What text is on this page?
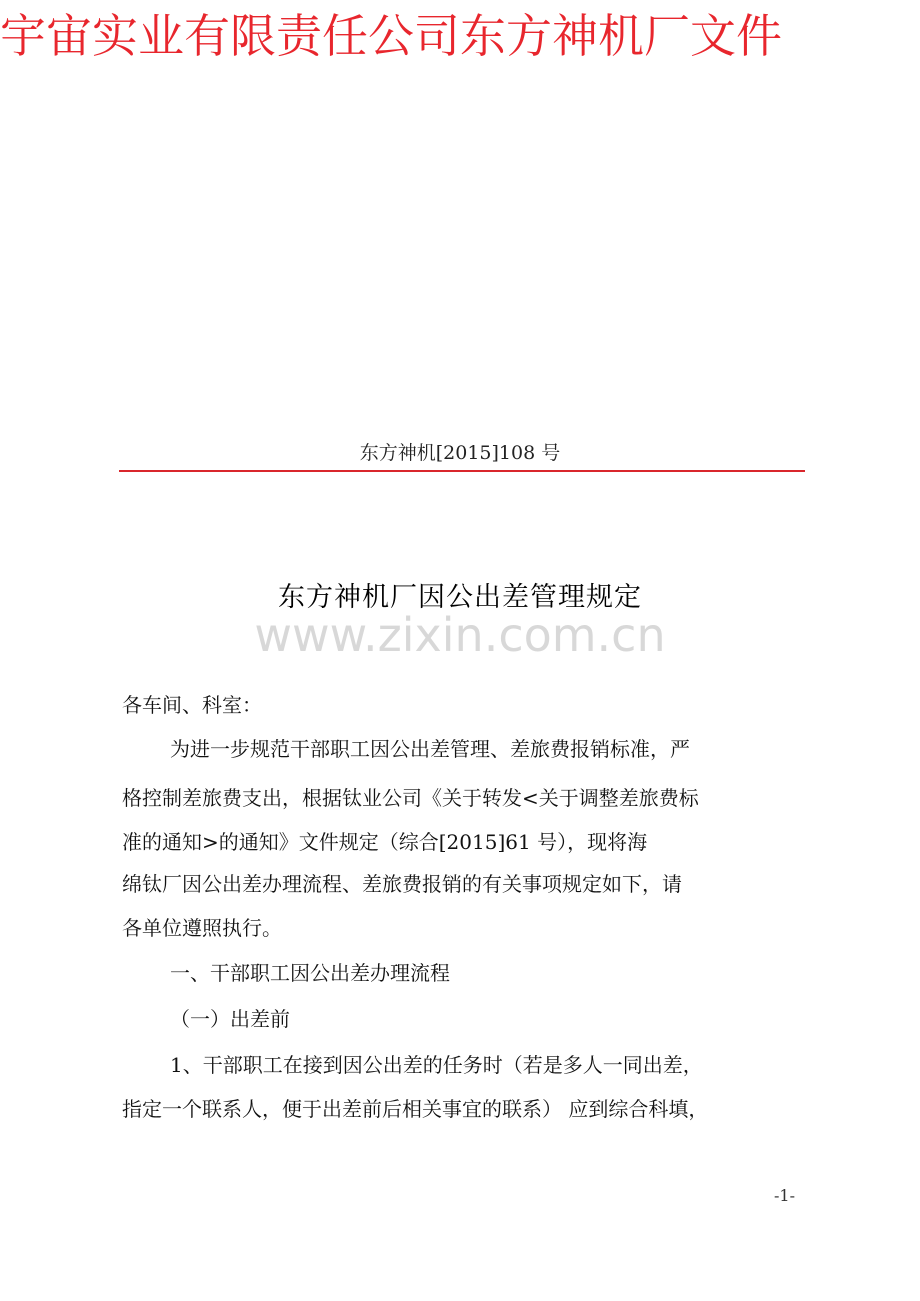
宇宙实业有限责任公司东方神机厂文件
东方神机[2015]108 号
东方神机厂因公出差管理规定
www.zixin.com.cn
各车间、科室：
为进一步规范干部职工因公出差管理、差旅费报销标准，严
格控制差旅费支出，根据钛业公司《关于转发<关于调整差旅费标
准的通知>的通知》文件规定（综合[2015]61 号），现将海
绵钛厂因公出差办理流程、差旅费报销的有关事项规定如下，请
各单位遵照执行。
一、干部职工因公出差办理流程
（一）出差前
1、干部职工在接到因公出差的任务时（若是多人一同出差，
指定一个联系人，便于出差前后相关事宜的联系） 应到综合科填，
-1-
